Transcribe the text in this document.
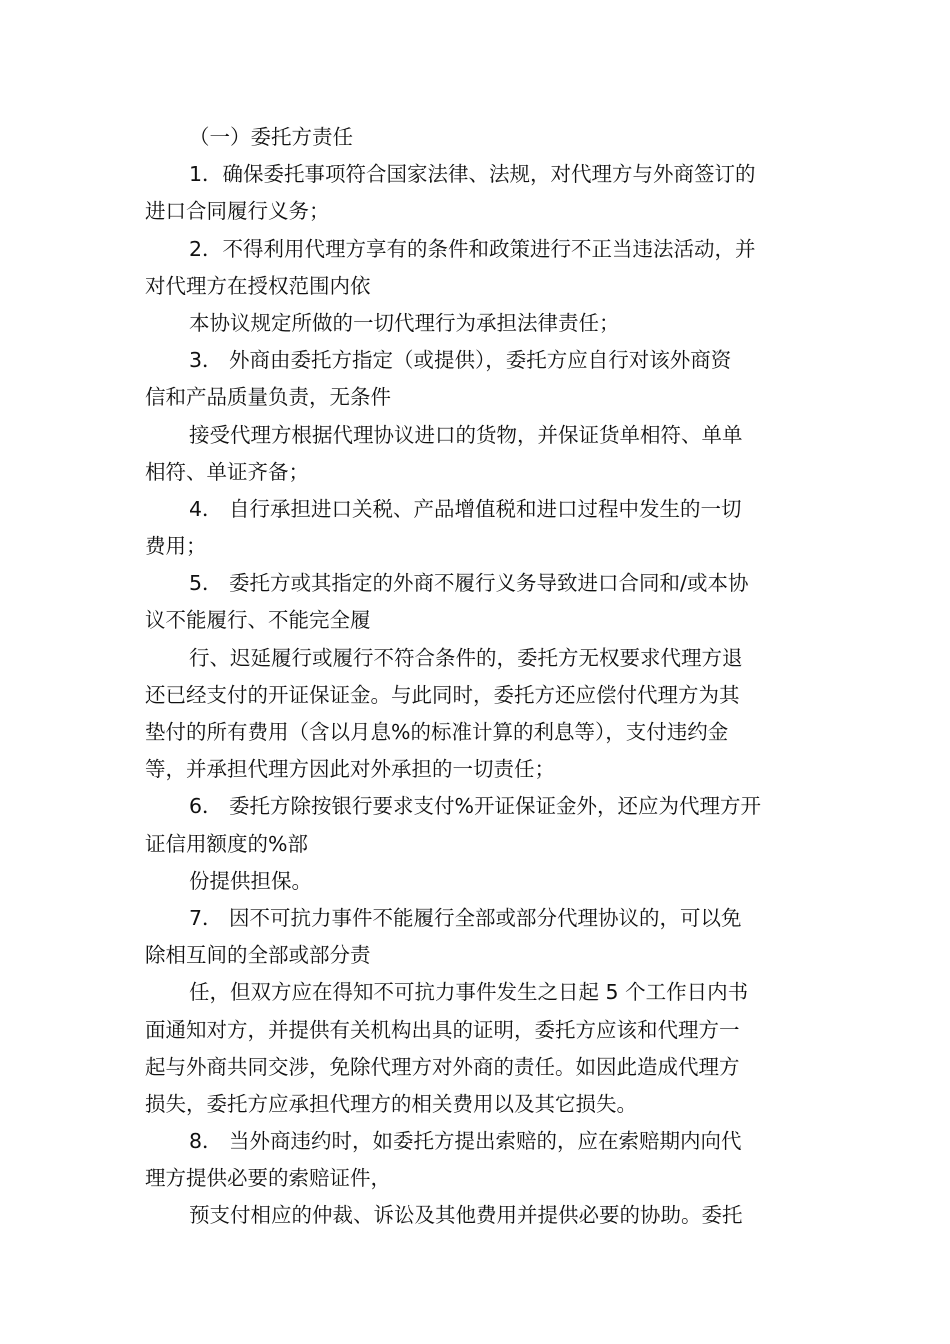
（一）委托方责任
1．确保委托事项符合国家法律、法规，对代理方与外商签订的
进口合同履行义务；
2．不得利用代理方享有的条件和政策进行不正当违法活动，并
对代理方在授权范围内依
本协议规定所做的一切代理行为承担法律责任；
3． 外商由委托方指定（或提供），委托方应自行对该外商资
信和产品质量负责，无条件
接受代理方根据代理协议进口的货物，并保证货单相符、单单
相符、单证齐备；
4． 自行承担进口关税、产品增值税和进口过程中发生的一切
费用；
5． 委托方或其指定的外商不履行义务导致进口合同和/或本协
议不能履行、不能完全履
行、迟延履行或履行不符合条件的，委托方无权要求代理方退
还已经支付的开证保证金。与此同时，委托方还应偿付代理方为其
垫付的所有费用（含以月息%的标准计算的利息等），支付违约金
等，并承担代理方因此对外承担的一切责任；
6． 委托方除按银行要求支付%开证保证金外，还应为代理方开
证信用额度的%部
份提供担保。
7． 因不可抗力事件不能履行全部或部分代理协议的，可以免
除相互间的全部或部分责
任，但双方应在得知不可抗力事件发生之日起 5 个工作日内书
面通知对方，并提供有关机构出具的证明，委托方应该和代理方一
起与外商共同交涉，免除代理方对外商的责任。如因此造成代理方
损失，委托方应承担代理方的相关费用以及其它损失。
8． 当外商违约时，如委托方提出索赔的，应在索赔期内向代
理方提供必要的索赔证件，
预支付相应的仲裁、诉讼及其他费用并提供必要的协助。委托
